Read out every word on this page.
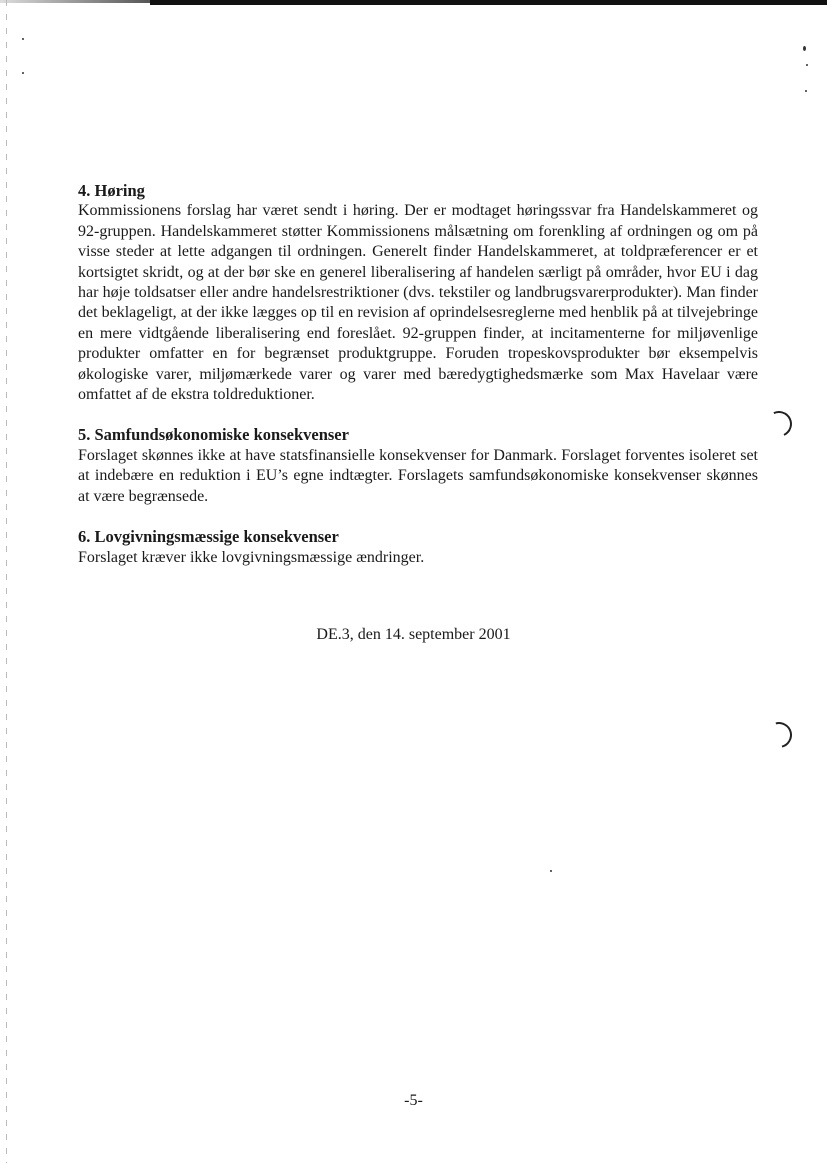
4. Høring

Kommissionens forslag har været sendt i høring. Der er modtaget høringssvar fra Handelskammeret og 92-gruppen. Handelskammeret støtter Kommissionens målsætning om forenkling af ordningen og om på visse steder at lette adgangen til ordningen. Generelt finder Handelskammeret, at toldpræferencer er et kortsigtet skridt, og at der bør ske en generel liberalisering af handelen særligt på områder, hvor EU i dag har høje toldsatser eller andre handelsrestriktioner (dvs. tekstiler og landbrugsvarerprodukter). Man finder det beklageligt, at der ikke lægges op til en revision af oprindelsesreglerne med henblik på at tilvejebringe en mere vidtgående liberalisering end foreslået. 92-gruppen finder, at incitamenterne for miljøvenlige produkter omfatter en for begrænset produktgruppe. Foruden tropeskovsprodukter bør eksempelvis økologiske varer, miljømærkede varer og varer med bæredygtighedsmærke som Max Havelaar være omfattet af de ekstra toldreduktioner.

5. Samfundsøkonomiske konsekvenser

Forslaget skønnes ikke at have statsfinansielle konsekvenser for Danmark. Forslaget forventes isoleret set at indebære en reduktion i EU’s egne indtægter. Forslagets samfundsøkonomiske konsekvenser skønnes at være begrænsede.

6. Lovgivningsmæssige konsekvenser

Forslaget kræver ikke lovgivningsmæssige ændringer.

DE.3, den 14. september 2001
-5-
